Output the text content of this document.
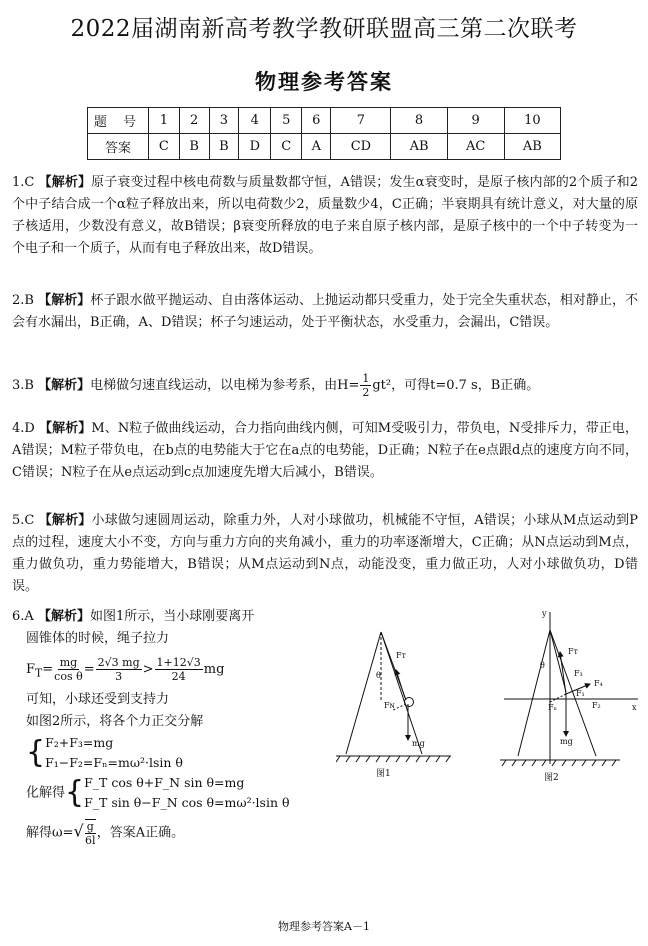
2022届湖南新高考教学教研联盟高三第二次联考
物理参考答案
题 号	1	2	3	4	5	6	7	8	9	10
答案	C	B	B	D	C	A	CD	AB	AC	AB
1.C 【解析】原子衰变过程中核电荷数与质量数都守恒，A错误；发生α衰变时，是原子核内部的2个质子和2个中子结合成一个α粒子释放出来，所以电荷数少2，质量数少4，C正确；半衰期具有统计意义，对大量的原子核适用，少数没有意义，故B错误；β衰变所释放的电子来自原子核内部，是原子核中的一个中子转变为一个电子和一个质子，从而有电子释放出来，故D错误。
2.B 【解析】杯子跟水做平抛运动、自由落体运动、上抛运动都只受重力，处于完全失重状态，相对静止，不会有水漏出，B正确，A、D错误；杯子匀速运动，处于平衡状态，水受重力，会漏出，C错误。
3.B 【解析】电梯做匀速直线运动，以电梯为参考系，由$H= \frac{1}{2} gt^2$，可得t=0.7 s，B正确。
4.D 【解析】M、N粒子做曲线运动，合力指向曲线内侧，可知M受吸引力，带负电，N受排斥力，带正电，A错误；M粒子带负电，在b点的电势能大于它在a点的电势能，D正确；N粒子在e点跟d点的速度方向不同，C错误；N粒子在从e点运动到c点加速度先增大后减小，B错误。
5.C 【解析】小球做匀速圆周运动，除重力外，人对小球做功，机械能不守恒，A错误；小球从M点运动到P点的过程，速度大小不变，方向与重力方向的夹角减小，重力的功率逐渐增大，C正确；从N点运动到M点，重力做负功，重力势能增大，B错误；从M点运动到N点，动能没变，重力做正功，人对小球做负功，D错误。
6.A 【解析】如图1所示，当小球刚要离开
圆锥体的时候，绳子拉力
$F_T= \frac{mg}{\text{cos θ}} = \frac{2√3 mg}{3} > \frac{1+12√3}{24}$ mg
可知，小球还受到支持力
如图2所示，将各个力正交分解
{ F₂+F₃=mg
F₁−F₂=Fₙ=mω²·lsin θ
化解得{ F_T cos θ+F_N sin θ=mg
F_T sin θ−F_N cos θ=mω²·lsin θ
解得$\omega=√ \frac{g}{6l}$ ，答案A正确。
Fᴛ
θ
Fɴ
mg
图1
y
x
Fᴛ
θ
F₃
F₄
F₁
F₂
Fₙ
mg
图2
物理参考答案A－1
